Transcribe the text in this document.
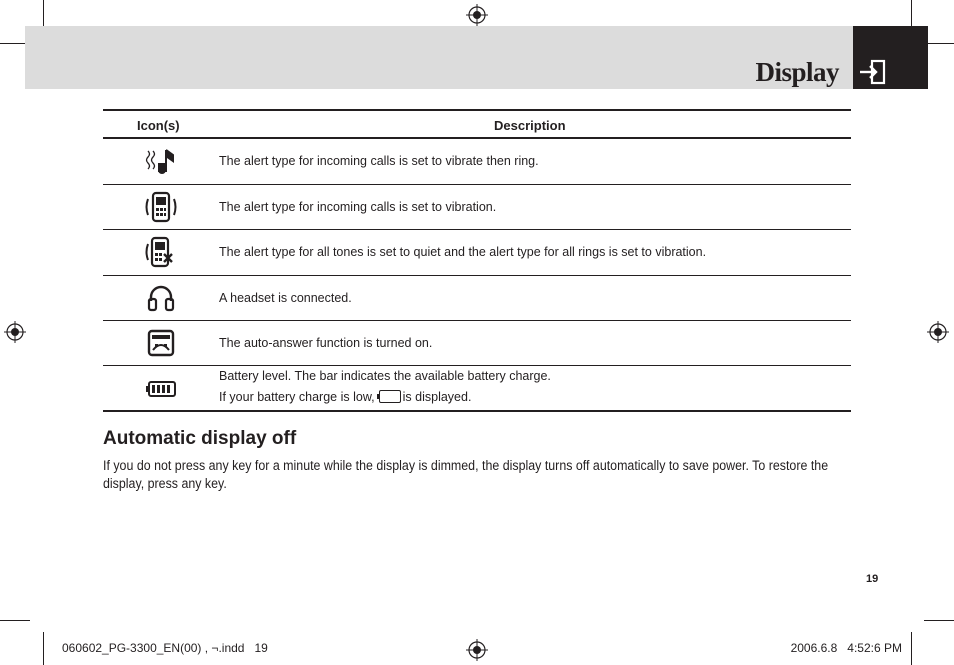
Display
Icon(s)	Description
The alert type for incoming calls is set to vibrate then ring.
The alert type for incoming calls is set to vibration.
The alert type for all tones is set to quiet and the alert type for all rings is set to vibration.
A headset is connected.
The auto-answer function is turned on.
Battery level. The bar indicates the available battery charge.
If your battery charge is low, is displayed.
Automatic display off
If you do not press any key for a minute while the display is dimmed, the display turns off automatically to save power. To restore the display, press any key.
19
060602_PG-3300_EN(00) , ¬.indd   19	2006.6.8   4:52:6 PM
